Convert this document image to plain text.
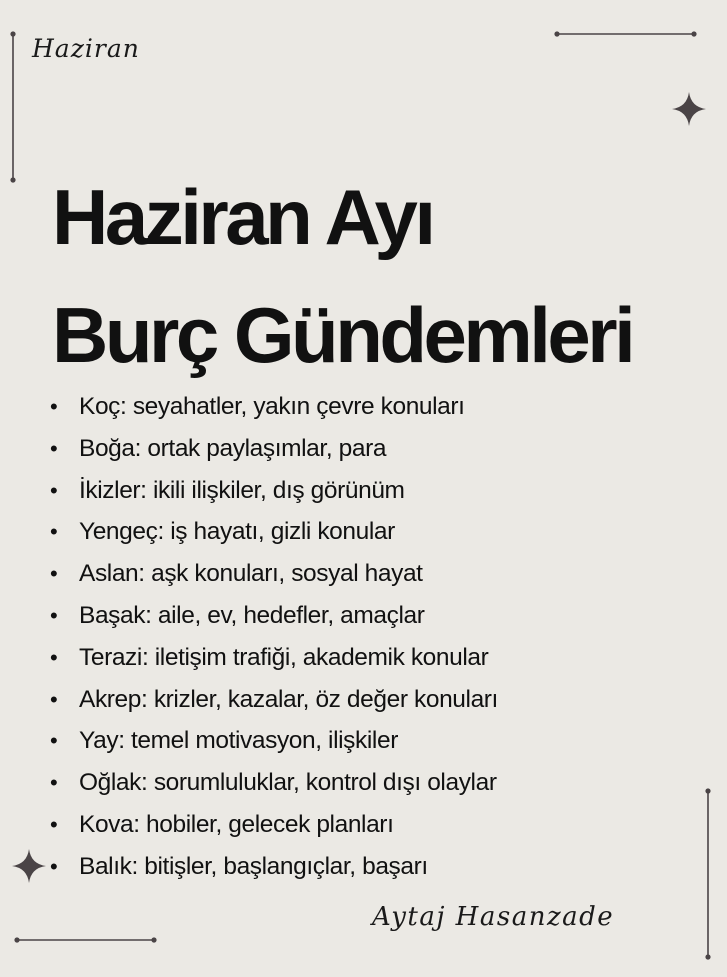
Haziran
Haziran Ayı
Burç Gündemleri
• Koç: seyahatler, yakın çevre konuları
• Boğa: ortak paylaşımlar, para
• İkizler: ikili ilişkiler, dış görünüm
• Yengeç: iş hayatı, gizli konular
• Aslan: aşk konuları, sosyal hayat
• Başak: aile, ev, hedefler, amaçlar
• Terazi: iletişim trafiği, akademik konular
• Akrep: krizler, kazalar, öz değer konuları
• Yay: temel motivasyon, ilişkiler
• Oğlak: sorumluluklar, kontrol dışı olaylar
• Kova: hobiler, gelecek planları
• Balık: bitişler, başlangıçlar, başarı
Aytaj Hasanzade
